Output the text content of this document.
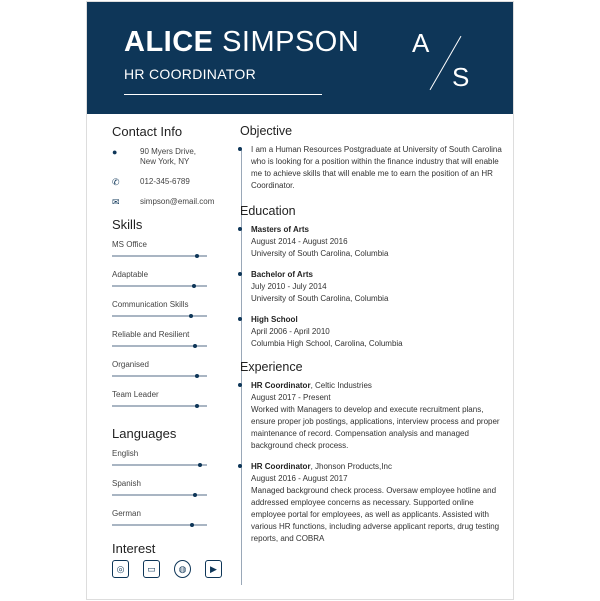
ALICE SIMPSON
HR COORDINATOR
A
S
Contact Info
●	90 Myers Drive,
New York, NY
✆	012-345-6789
✉	simpson@email.com
Skills
MS Office
Adaptable
Communication Skills
Reliable and Resilient
Organised
Team Leader
Languages
English
Spanish
German
Interest
◎	▭	◍	▶
Objective
I am a Human Resources Postgraduate at University of South Carolina who is looking for a position within the finance industry that will enable me to achieve skills that will enable me to earn the position of an HR Coordinator.
Education
Masters of Arts
August 2014 - August 2016
University of South Carolina, Columbia
Bachelor of Arts
July 2010 - July 2014
University of South Carolina, Columbia
High School
April 2006 - April 2010
Columbia High School, Carolina, Columbia
Experience
HR Coordinator, Celtic Industries
August 2017 - Present
Worked with Managers to develop and execute recruitment plans, ensure proper job postings, applications, interview process and proper maintenance of record. Compensation analysis and managed background check process.
HR Coordinator, Jhonson Products,Inc
August 2016 - August 2017
Managed background check process. Oversaw employee hotline and addressed employee concerns as necessary. Supported online employee portal for employees, as well as applicants. Assisted with various HR functions, including adverse applicant reports, drug testing reports, and COBRA
